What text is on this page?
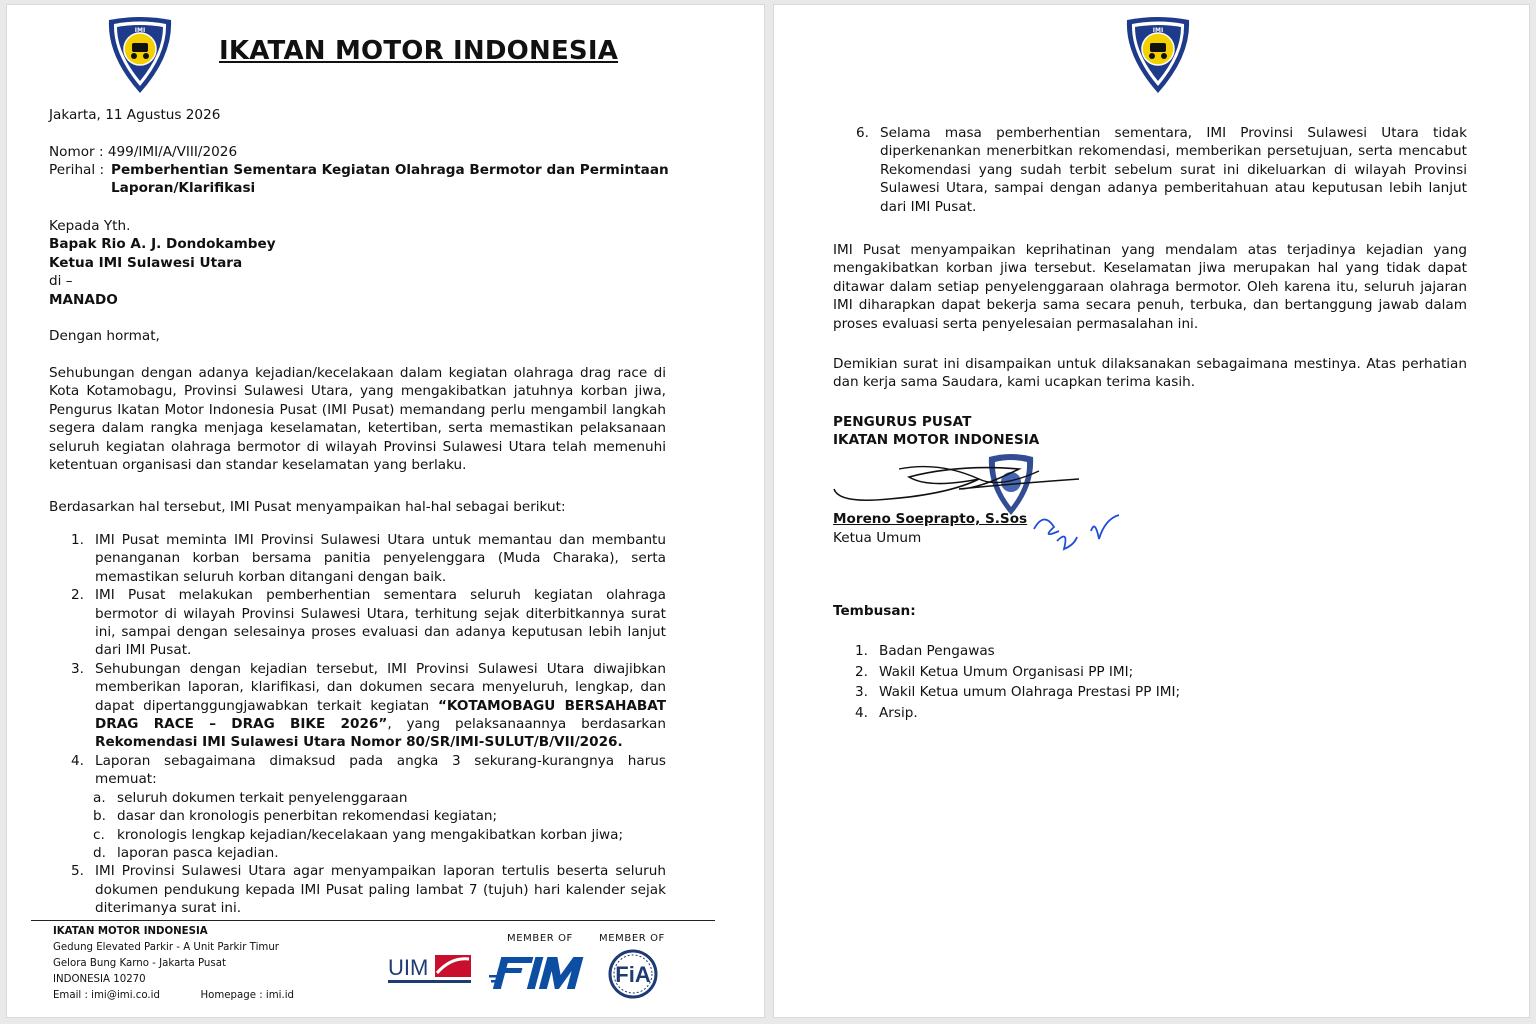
IMI
IKATAN MOTOR INDONESIA
Jakarta, 11 Agustus 2026
Nomor : 499/IMI/A/VIII/2026
Perihal : Pemberhentian Sementara Kegiatan Olahraga Bermotor dan Permintaan
Laporan/Klarifikasi
Kepada Yth.
Bapak Rio A. J. Dondokambey
Ketua IMI Sulawesi Utara
di –
MANADO
Dengan hormat,
Sehubungan dengan adanya kejadian/kecelakaan dalam kegiatan olahraga drag race di Kota Kotamobagu, Provinsi Sulawesi Utara, yang mengakibatkan jatuhnya korban jiwa, Pengurus Ikatan Motor Indonesia Pusat (IMI Pusat) memandang perlu mengambil langkah segera dalam rangka menjaga keselamatan, ketertiban, serta memastikan pelaksanaan seluruh kegiatan olahraga bermotor di wilayah Provinsi Sulawesi Utara telah memenuhi ketentuan organisasi dan standar keselamatan yang berlaku.
Berdasarkan hal tersebut, IMI Pusat menyampaikan hal-hal sebagai berikut:
1. IMI Pusat meminta IMI Provinsi Sulawesi Utara untuk memantau dan membantu penanganan korban bersama panitia penyelenggara (Muda Charaka), serta memastikan seluruh korban ditangani dengan baik.
2. IMI Pusat melakukan pemberhentian sementara seluruh kegiatan olahraga bermotor di wilayah Provinsi Sulawesi Utara, terhitung sejak diterbitkannya surat ini, sampai dengan selesainya proses evaluasi dan adanya keputusan lebih lanjut dari IMI Pusat.
3. Sehubungan dengan kejadian tersebut, IMI Provinsi Sulawesi Utara diwajibkan memberikan laporan, klarifikasi, dan dokumen secara menyeluruh, lengkap, dan dapat dipertanggungjawabkan terkait kegiatan “KOTAMOBAGU BERSAHABAT DRAG RACE – DRAG BIKE 2026”, yang pelaksanaannya berdasarkan Rekomendasi IMI Sulawesi Utara Nomor 80/SR/IMI-SULUT/B/VII/2026.
4. Laporan sebagaimana dimaksud pada angka 3 sekurang-kurangnya harus memuat:
a. seluruh dokumen terkait penyelenggaraan
b. dasar dan kronologis penerbitan rekomendasi kegiatan;
c. kronologis lengkap kejadian/kecelakaan yang mengakibatkan korban jiwa;
d. laporan pasca kejadian.
5. IMI Provinsi Sulawesi Utara agar menyampaikan laporan tertulis beserta seluruh dokumen pendukung kepada IMI Pusat paling lambat 7 (tujuh) hari kalender sejak diterimanya surat ini.
IKATAN MOTOR INDONESIA
Gedung Elevated Parkir - A Unit Parkir Timur
Gelora Bung Karno - Jakarta Pusat
INDONESIA 10270
Email : imi@imi.co.id	Homepage : imi.id
UIM
MEMBER OF	MEMBER OF
FiA
IMI
6. Selama masa pemberhentian sementara, IMI Provinsi Sulawesi Utara tidak diperkenankan menerbitkan rekomendasi, memberikan persetujuan, serta mencabut Rekomendasi yang sudah terbit sebelum surat ini dikeluarkan di wilayah Provinsi Sulawesi Utara, sampai dengan adanya pemberitahuan atau keputusan lebih lanjut dari IMI Pusat.
IMI Pusat menyampaikan keprihatinan yang mendalam atas terjadinya kejadian yang mengakibatkan korban jiwa tersebut. Keselamatan jiwa merupakan hal yang tidak dapat ditawar dalam setiap penyelenggaraan olahraga bermotor. Oleh karena itu, seluruh jajaran IMI diharapkan dapat bekerja sama secara penuh, terbuka, dan bertanggung jawab dalam proses evaluasi serta penyelesaian permasalahan ini.
Demikian surat ini disampaikan untuk dilaksanakan sebagaimana mestinya. Atas perhatian dan kerja sama Saudara, kami ucapkan terima kasih.
PENGURUS PUSAT
IKATAN MOTOR INDONESIA
Moreno Soeprapto, S.Sos
Ketua Umum
Tembusan:
1. Badan Pengawas
2. Wakil Ketua Umum Organisasi PP IMI;
3. Wakil Ketua umum Olahraga Prestasi PP IMI;
4. Arsip.
